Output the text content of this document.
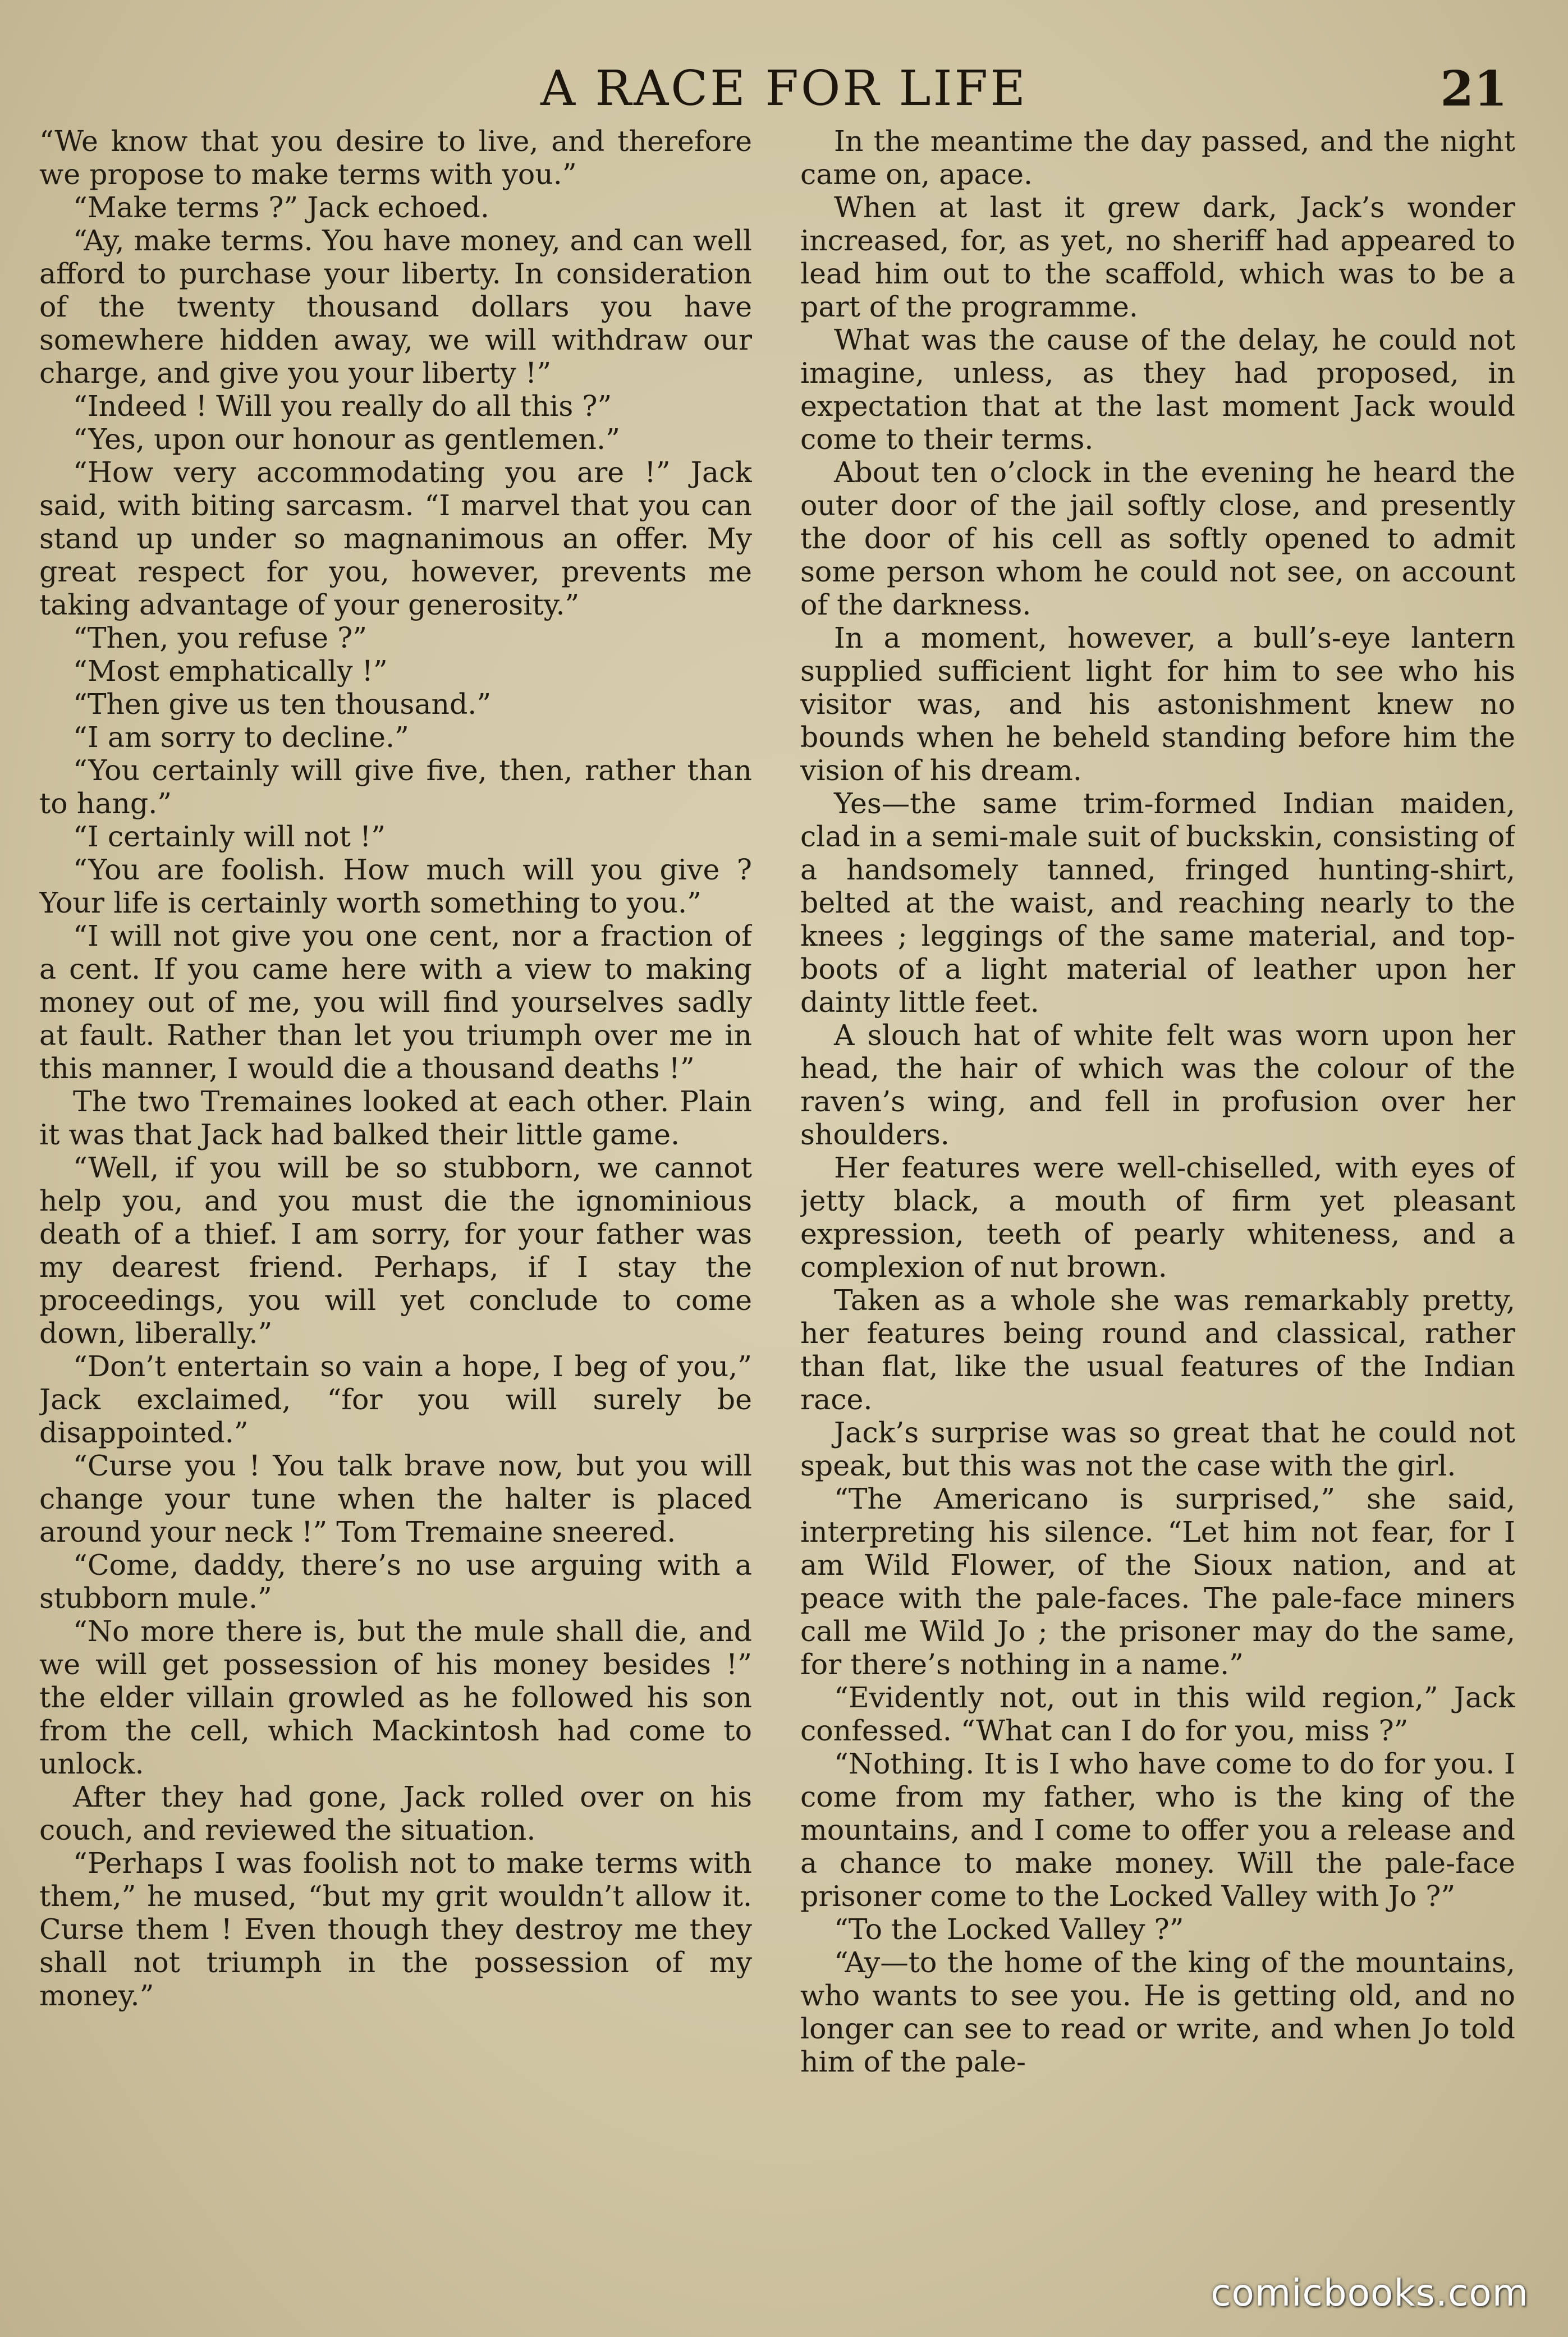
A RACE FOR LIFE	21

“We know that you desire to live, and therefore we propose to make terms with you.”

“Make terms ?” Jack echoed.

“Ay, make terms. You have money, and can well afford to purchase your liberty. In consideration of the twenty thousand dollars you have somewhere hidden away, we will withdraw our charge, and give you your liberty !”

“Indeed ! Will you really do all this ?”

“Yes, upon our honour as gentlemen.”

“How very accommodating you are !” Jack said, with biting sarcasm. “I marvel that you can stand up under so magnanimous an offer. My great respect for you, however, prevents me taking advantage of your generosity.”

“Then, you refuse ?”

“Most emphatically !”

“Then give us ten thousand.”

“I am sorry to decline.”

“You certainly will give five, then, rather than to hang.”

“I certainly will not !”

“You are foolish. How much will you give ? Your life is certainly worth something to you.”

“I will not give you one cent, nor a fraction of a cent. If you came here with a view to making money out of me, you will find yourselves sadly at fault. Rather than let you triumph over me in this manner, I would die a thousand deaths !”

The two Tremaines looked at each other. Plain it was that Jack had balked their little game.

“Well, if you will be so stubborn, we cannot help you, and you must die the ignominious death of a thief. I am sorry, for your father was my dearest friend. Perhaps, if I stay the proceedings, you will yet conclude to come down, liberally.”

“Don’t entertain so vain a hope, I beg of you,” Jack exclaimed, “for you will surely be disappointed.”

“Curse you ! You talk brave now, but you will change your tune when the halter is placed around your neck !” Tom Tremaine sneered.

“Come, daddy, there’s no use arguing with a stubborn mule.”

“No more there is, but the mule shall die, and we will get possession of his money besides !” the elder villain growled as he followed his son from the cell, which Mackintosh had come to unlock.

After they had gone, Jack rolled over on his couch, and reviewed the situation.

“Perhaps I was foolish not to make terms with them,” he mused, “but my grit wouldn’t allow it. Curse them ! Even though they destroy me they shall not triumph in the possession of my money.”

In the meantime the day passed, and the night came on, apace.

When at last it grew dark, Jack’s wonder increased, for, as yet, no sheriff had appeared to lead him out to the scaffold, which was to be a part of the programme.

What was the cause of the delay, he could not imagine, unless, as they had proposed, in expectation that at the last moment Jack would come to their terms.

About ten o’clock in the evening he heard the outer door of the jail softly close, and presently the door of his cell as softly opened to admit some person whom he could not see, on account of the darkness.

In a moment, however, a bull’s-eye lantern supplied sufficient light for him to see who his visitor was, and his astonishment knew no bounds when he beheld standing before him the vision of his dream.

Yes—the same trim-formed Indian maiden, clad in a semi-male suit of buckskin, consisting of a handsomely tanned, fringed hunting-shirt, belted at the waist, and reaching nearly to the knees ; leggings of the same material, and top-boots of a light material of leather upon her dainty little feet.

A slouch hat of white felt was worn upon her head, the hair of which was the colour of the raven’s wing, and fell in profusion over her shoulders.

Her features were well-chiselled, with eyes of jetty black, a mouth of firm yet pleasant expression, teeth of pearly whiteness, and a complexion of nut brown.

Taken as a whole she was remarkably pretty, her features being round and classical, rather than flat, like the usual features of the Indian race.

Jack’s surprise was so great that he could not speak, but this was not the case with the girl.

“The Americano is surprised,” she said, interpreting his silence. “Let him not fear, for I am Wild Flower, of the Sioux nation, and at peace with the pale-faces. The pale-face miners call me Wild Jo ; the prisoner may do the same, for there’s nothing in a name.”

“Evidently not, out in this wild region,” Jack confessed. “What can I do for you, miss ?”

“Nothing. It is I who have come to do for you. I come from my father, who is the king of the mountains, and I come to offer you a release and a chance to make money. Will the pale-face prisoner come to the Locked Valley with Jo ?”

“To the Locked Valley ?”

“Ay—to the home of the king of the mountains, who wants to see you. He is getting old, and no longer can see to read or write, and when Jo told him of the pale-

comicbooks.com
